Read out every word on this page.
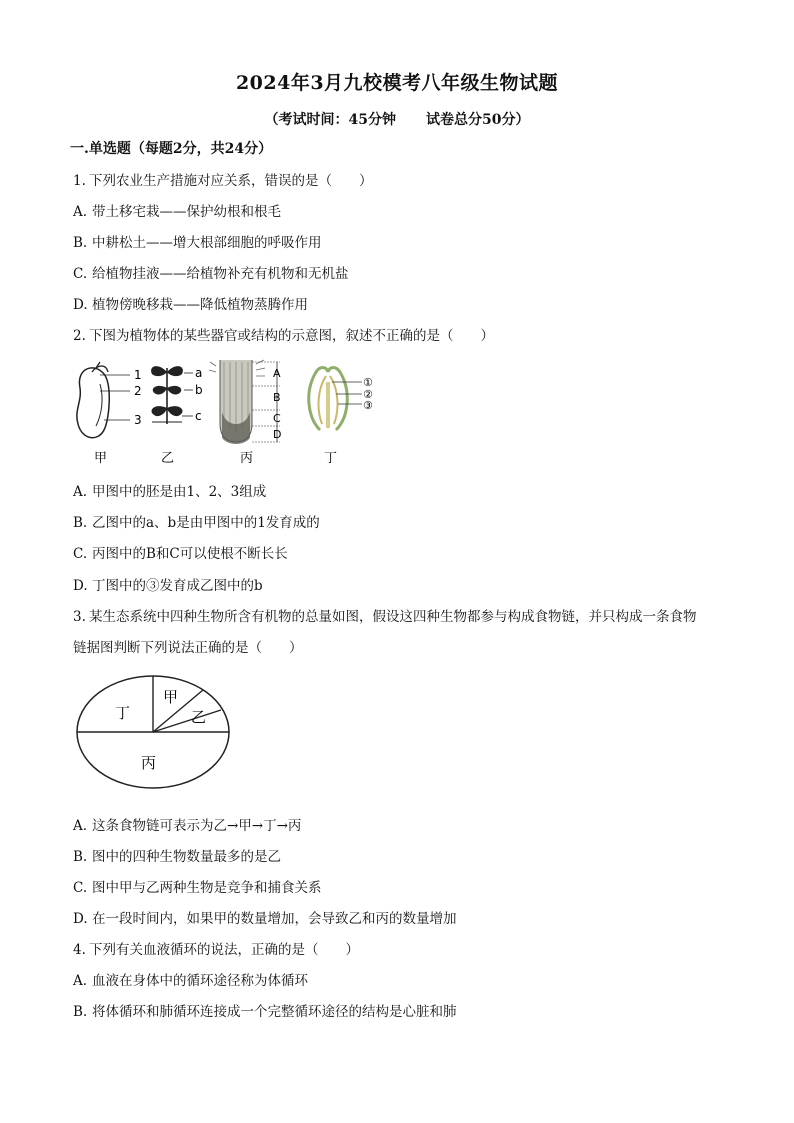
2024年3月九校模考八年级生物试题
（考试时间：45分钟 试卷总分50分）
一.单选题（每题2分，共24分）
1. 下列农业生产措施对应关系，错误的是（　　）
A. 带土移宅栽——保护幼根和根毛
B. 中耕松土——增大根部细胞的呼吸作用
C. 给植物挂液——给植物补充有机物和无机盐
D. 植物傍晚移栽——降低植物蒸腾作用
2. 下图为植物体的某些器官或结构的示意图，叙述不正确的是（　　）
1
2
3
a
b
c
A
B
C
D
①
②
③
甲	乙	丙	丁
A. 甲图中的胚是由1、2、3组成
B. 乙图中的a、b是由甲图中的1发育成的
C. 丙图中的B和C可以使根不断长长
D. 丁图中的③发育成乙图中的b
3. 某生态系统中四种生物所含有机物的总量如图，假设这四种生物都参与构成食物链，并只构成一条食物
链据图判断下列说法正确的是（　　）
丁
甲
乙
丙
A. 这条食物链可表示为乙→甲→丁→丙
B. 图中的四种生物数量最多的是乙
C. 图中甲与乙两种生物是竞争和捕食关系
D. 在一段时间内，如果甲的数量增加，会导致乙和丙的数量增加
4. 下列有关血液循环的说法，正确的是（　　）
A. 血液在身体中的循环途径称为体循环
B. 将体循环和肺循环连接成一个完整循环途径的结构是心脏和肺
